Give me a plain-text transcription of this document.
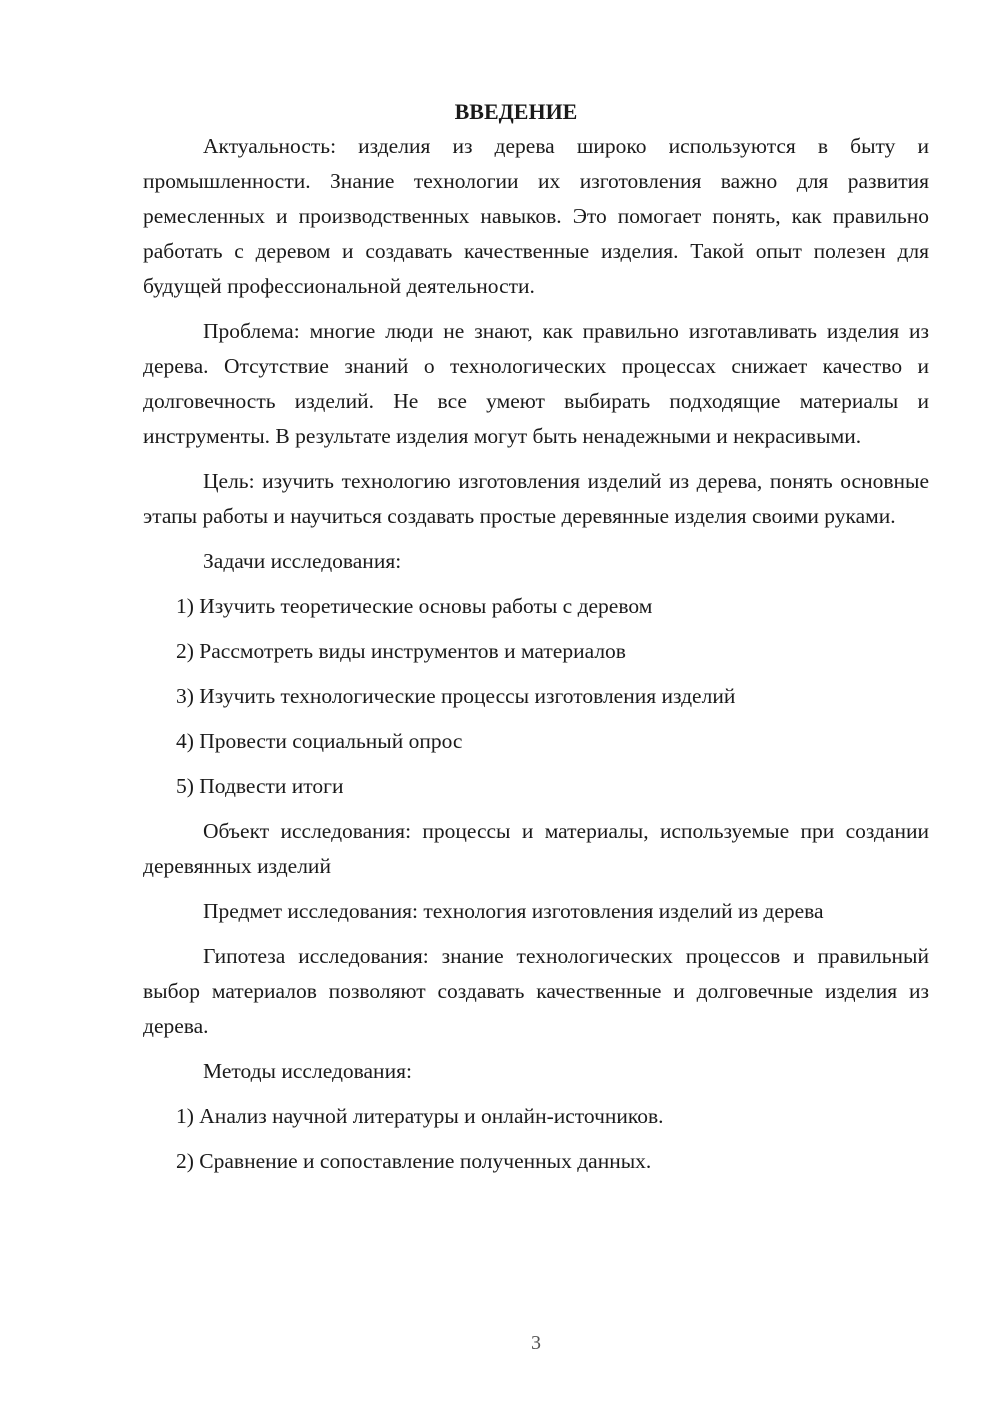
ВВЕДЕНИЕ

Актуальность: изделия из дерева широко используются в быту и промышленности. Знание технологии их изготовления важно для развития ремесленных и производственных навыков. Это помогает понять, как правильно работать с деревом и создавать качественные изделия. Такой опыт полезен для будущей профессиональной деятельности.

Проблема: многие люди не знают, как правильно изготавливать изделия из дерева. Отсутствие знаний о технологических процессах снижает качество и долговечность изделий. Не все умеют выбирать подходящие материалы и инструменты. В результате изделия могут быть ненадежными и некрасивыми.

Цель: изучить технологию изготовления изделий из дерева, понять основные этапы работы и научиться создавать простые деревянные изделия своими руками.

Задачи исследования:

1) Изучить теоретические основы работы с деревом

2) Рассмотреть виды инструментов и материалов

3) Изучить технологические процессы изготовления изделий

4) Провести социальный опрос

5) Подвести итоги

Объект исследования: процессы и материалы, используемые при создании деревянных изделий

Предмет исследования: технология изготовления изделий из дерева

Гипотеза исследования: знание технологических процессов и правильный выбор материалов позволяют создавать качественные и долговечные изделия из дерева.

Методы исследования:

1) Анализ научной литературы и онлайн-источников.

2) Сравнение и сопоставление полученных данных.

3
